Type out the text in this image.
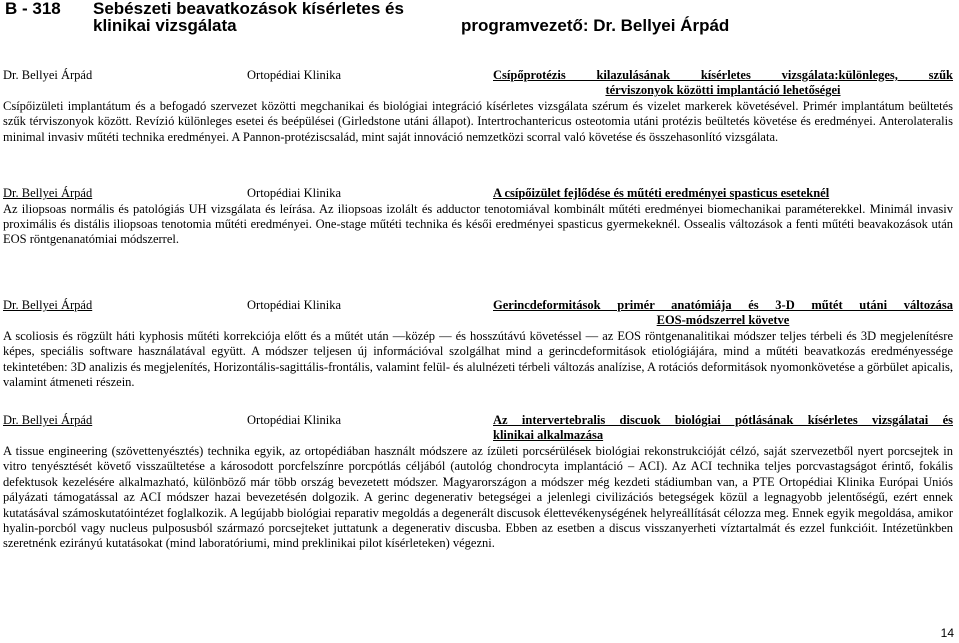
B - 318 Sebészeti beavatkozások kísérletes és
klinikai vizsgálata	programvezető: Dr. Bellyei Árpád
Dr. Bellyei Árpád	Ortopédiai Klinika	Csípőprotézis kilazulásának kísérletes vizsgálata:különleges, szűk
térviszonyok közötti implantáció lehetőségei

Csípőizületi implantátum és a befogadó szervezet közötti megchanikai és biológiai integráció kísérletes vizsgálata szérum és vizelet markerek követésével. Primér implantátum beültetés szűk térviszonyok között. Revízió különleges esetei és beépülései (Girledstone utáni állapot). Intertrochantericus osteotomia utáni protézis beültetés követése és eredményei. Anterolateralis minimal invasiv műtéti technika eredményei. A Pannon-protéziscsalád, mint saját innováció nemzetközi scorral való követése és összehasonlító vizsgálata.

Dr. Bellyei Árpád	Ortopédiai Klinika	A csípőizület fejlődése és műtéti eredményei spasticus eseteknél

Az iliopsoas normális és patológiás UH vizsgálata és leírása. Az iliopsoas izolált és adductor tenotomiával kombinált műtéti eredményei biomechanikai paraméterekkel. Minimál invasiv proximális és distális iliopsoas tenotomia műtéti eredményei. One-stage műtéti technika és késői eredményei spasticus gyermekeknél. Ossealis változások a fenti műtéti beavakozások után EOS röntgenanatómiai módszerrel.

Dr. Bellyei Árpád	Ortopédiai Klinika	Gerincdeformitások primér anatómiája és 3-D műtét utáni változása
EOS-módszerrel követve

A scoliosis és rögzült háti kyphosis műtéti korrekciója előtt és a műtét után —közép — és hosszútávú követéssel — az EOS röntgenanalitikai módszer teljes térbeli és 3D megjelenítésre képes, speciális software használatával együtt. A módszer teljesen új információval szolgálhat mind a gerincdeformitások etiológiájára, mind a műtéti beavatkozás eredményessége tekintetében: 3D analizis és megjelenítés, Horizontális-sagittális-frontális, valamint felül- és alulnézeti térbeli változás analízise, A rotációs deformitások nyomonkövetése a görbület apicalis, valamint átmeneti részein.

Dr. Bellyei Árpád	Ortopédiai Klinika	Az intervertebralis discuok biológiai pótlásának kísérletes vizsgálatai és
klinikai alkalmazása

A tissue engineering (szövettenyésztés) technika egyik, az ortopédiában használt módszere az ízületi porcsérülések biológiai rekonstrukcióját célzó, saját szervezetből nyert porcsejtek in vitro tenyésztését követő visszaültetése a károsodott porcfelszínre porcpótlás céljából (autológ chondrocyta implantáció – ACI). Az ACI technika teljes porcvastagságot érintő, fokális defektusok kezelésére alkalmazható, különböző már több ország bevezetett módszer. Magyarországon a módszer még kezdeti stádiumban van, a PTE Ortopédiai Klinika Európai Uniós pályázati támogatással az ACI módszer hazai bevezetésén dolgozik. A gerinc degenerativ betegségei a jelenlegi civilizációs betegségek közül a legnagyobb jelentőségű, ezért ennek kutatásával számoskutatóintézet foglalkozik. A legújabb biológiai reparativ megoldás a degenerált discusok élettevékenységének helyreállítását célozza meg. Ennek egyik megoldása, amikor hyalin-porcból vagy nucleus pulposusból származó porcsejteket juttatunk a degenerativ discusba. Ebben az esetben a discus visszanyerheti víztartalmát és ezzel funkcióit. Intézetünkben szeretnénk ezirányú kutatásokat (mind laboratóriumi, mind preklinikai pilot kísérleteken) végezni.

14
